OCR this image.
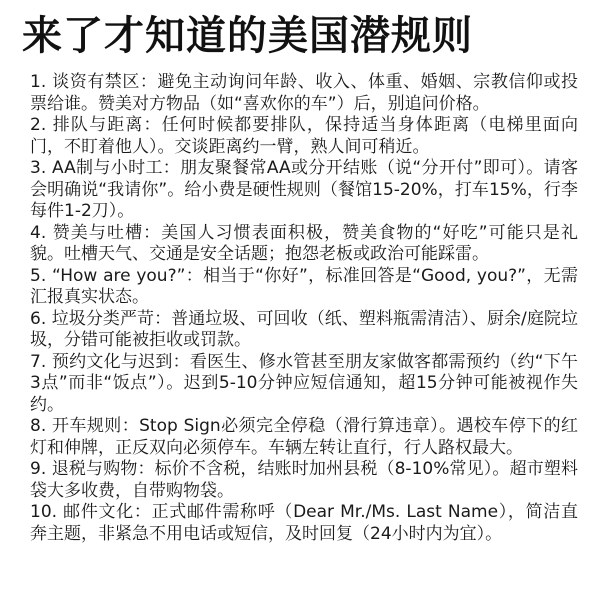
来了才知道的美国潜规则
1. 谈资有禁区：避免主动询问年龄、收入、体重、婚姻、宗教信仰或投票给谁。赞美对方物品（如“喜欢你的车”）后，别追问价格。
2. 排队与距离：任何时候都要排队，保持适当身体距离（电梯里面向门，不盯着他人）。交谈距离约一臂，熟人间可稍近。
3. AA制与小时工：朋友聚餐常AA或分开结账（说“分开付”即可）。请客会明确说“我请你”。给小费是硬性规则（餐馆15-20%，打车15%，行李每件1-2刀）。
4. 赞美与吐槽：美国人习惯表面积极，赞美食物的“好吃”可能只是礼貌。吐槽天气、交通是安全话题；抱怨老板或政治可能踩雷。
5. “How are you?”：相当于“你好”，标准回答是“Good, you?”，无需汇报真实状态。
6. 垃圾分类严苛：普通垃圾、可回收（纸、塑料瓶需清洁）、厨余/庭院垃圾，分错可能被拒收或罚款。
7. 预约文化与迟到：看医生、修水管甚至朋友家做客都需预约（约“下午3点”而非“饭点”）。迟到5-10分钟应短信通知，超15分钟可能被视作失约。
8. 开车规则：Stop Sign必须完全停稳（滑行算违章）。遇校车停下的红灯和伸牌，正反双向必须停车。车辆左转让直行，行人路权最大。
9. 退税与购物：标价不含税，结账时加州县税（8-10%常见）。超市塑料袋大多收费，自带购物袋。
10. 邮件文化：正式邮件需称呼（Dear Mr./Ms. Last Name），简洁直奔主题，非紧急不用电话或短信，及时回复（24小时内为宜）。
